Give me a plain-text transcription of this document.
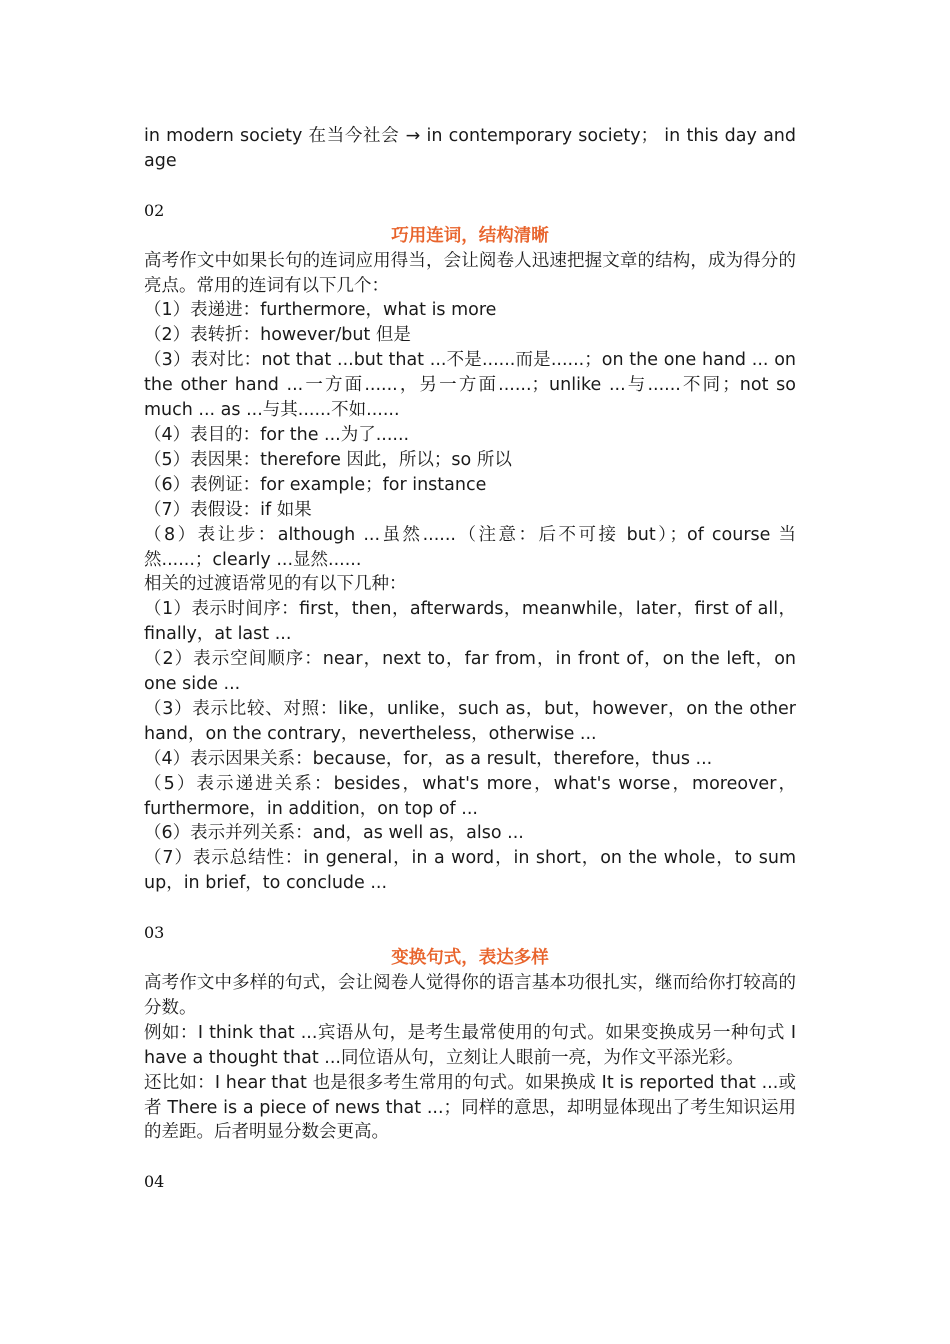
in modern society 在当今社会 → in contemporary society； in this day and age

02

巧用连词，结构清晰

高考作文中如果长句的连词应用得当，会让阅卷人迅速把握文章的结构，成为得分的亮点。常用的连词有以下几个：

（1）表递进：furthermore，what is more

（2）表转折：however/but 但是

（3）表对比：not that ...but that ...不是......而是......；on the one hand ... on the other hand ...一方面......，另一方面......；unlike ...与......不同；not so much ... as ...与其......不如......

（4）表目的：for the ...为了......

（5）表因果：therefore 因此，所以；so 所以

（6）表例证：for example；for instance

（7）表假设：if 如果

（8）表让步：although ...虽然......（注意：后不可接 but）；of course 当然......；clearly ...显然......

相关的过渡语常见的有以下几种：

（1）表示时间序：first，then，afterwards，meanwhile，later，first of all，finally，at last ...

（2）表示空间顺序：near，next to，far from，in front of，on the left，on one side ...

（3）表示比较、对照：like，unlike，such as，but，however，on the other hand，on the contrary，nevertheless，otherwise ...

（4）表示因果关系：because，for，as a result，therefore，thus ...

（5）表示递进关系：besides，what's more，what's worse，moreover，furthermore，in addition，on top of ...

（6）表示并列关系：and，as well as，also ...

（7）表示总结性：in general，in a word，in short，on the whole，to sum up，in brief，to conclude ...

03

变换句式，表达多样

高考作文中多样的句式，会让阅卷人觉得你的语言基本功很扎实，继而给你打较高的分数。

例如：I think that ...宾语从句，是考生最常使用的句式。如果变换成另一种句式 I have a thought that ...同位语从句，立刻让人眼前一亮，为作文平添光彩。

还比如：I hear that 也是很多考生常用的句式。如果换成 It is reported that ...或者 There is a piece of news that ...；同样的意思，却明显体现出了考生知识运用的差距。后者明显分数会更高。

04
